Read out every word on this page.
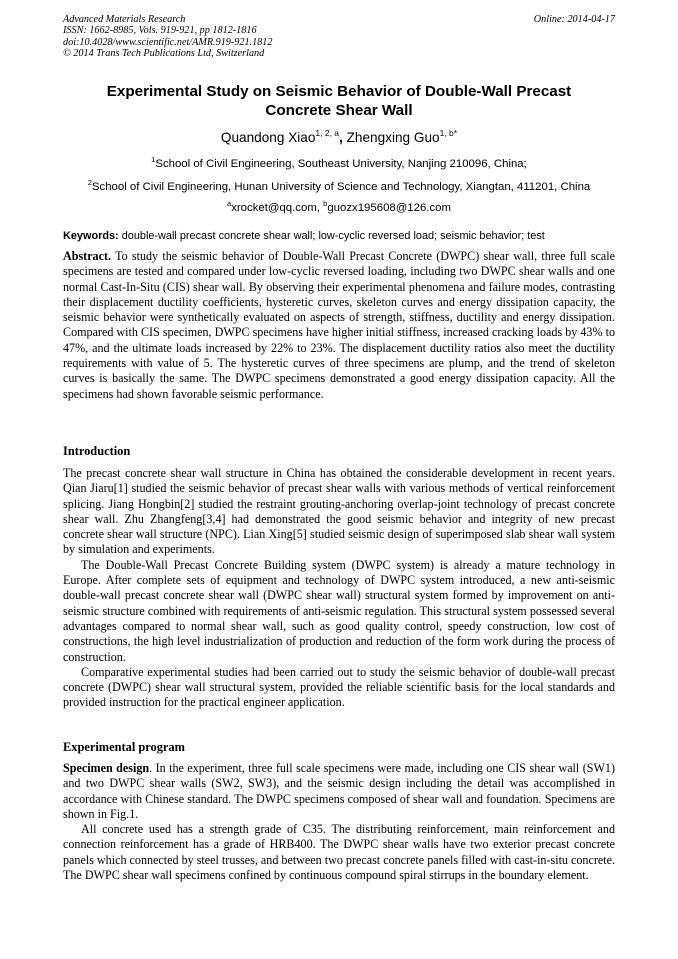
Advanced Materials Research
ISSN: 1662-8985, Vols. 919-921, pp 1812-1816
doi:10.4028/www.scientific.net/AMR.919-921.1812
© 2014 Trans Tech Publications Ltd, Switzerland
Online: 2014-04-17
Experimental Study on Seismic Behavior of Double-Wall Precast
Concrete Shear Wall
Quandong Xiao$^{1, 2, a}$, Zhengxing Guo$^{1, b*}$
$^1$School of Civil Engineering, Southeast University, Nanjing 210096, China;
$^2$School of Civil Engineering, Hunan University of Science and Technology, Xiangtan, 411201, China
$^a$xrocket@qq.com, $^b$guozx195608@126.com
Keywords: double-wall precast concrete shear wall; low-cyclic reversed load; seismic behavior; test

Abstract. To study the seismic behavior of Double-Wall Precast Concrete (DWPC) shear wall, three full scale specimens are tested and compared under low-cyclic reversed loading, including two DWPC shear walls and one normal Cast-In-Situ (CIS) shear wall. By observing their experimental phenomena and failure modes, contrasting their displacement ductility coefficients, hysteretic curves, skeleton curves and energy dissipation capacity, the seismic behavior were synthetically evaluated on aspects of strength, stiffness, ductility and energy dissipation. Compared with CIS specimen, DWPC specimens have higher initial stiffness, increased cracking loads by 43% to 47%, and the ultimate loads increased by 22% to 23%. The displacement ductility ratios also meet the ductility requirements with value of 5. The hysteretic curves of three specimens are plump, and the trend of skeleton curves is basically the same. The DWPC specimens demonstrated a good energy dissipation capacity. All the specimens had shown favorable seismic performance.

Introduction

The precast concrete shear wall structure in China has obtained the considerable development in recent years. Qian Jiaru[1] studied the seismic behavior of precast shear walls with various methods of vertical reinforcement splicing. Jiang Hongbin[2] studied the restraint grouting-anchoring overlap-joint technology of precast concrete shear wall. Zhu Zhangfeng[3,4] had demonstrated the good seismic behavior and integrity of new precast concrete shear wall structure (NPC). Lian Xing[5] studied seismic design of superimposed slab shear wall system by simulation and experiments.

The Double-Wall Precast Concrete Building system (DWPC system) is already a mature technology in Europe. After complete sets of equipment and technology of DWPC system introduced, a new anti-seismic double-wall precast concrete shear wall (DWPC shear wall) structural system formed by improvement on anti-seismic structure combined with requirements of anti-seismic regulation. This structural system possessed several advantages compared to normal shear wall, such as good quality control, speedy construction, low cost of constructions, the high level industrialization of production and reduction of the form work during the process of construction.

Comparative experimental studies had been carried out to study the seismic behavior of double-wall precast concrete (DWPC) shear wall structural system, provided the reliable scientific basis for the local standards and provided instruction for the practical engineer application.

Experimental program

Specimen design. In the experiment, three full scale specimens were made, including one CIS shear wall (SW1) and two DWPC shear walls (SW2, SW3), and the seismic design including the detail was accomplished in accordance with Chinese standard. The DWPC specimens composed of shear wall and foundation. Specimens are shown in Fig.1.

All concrete used has a strength grade of C35. The distributing reinforcement, main reinforcement and connection reinforcement has a grade of HRB400. The DWPC shear walls have two exterior precast concrete panels which connected by steel trusses, and between two precast concrete panels filled with cast-in-situ concrete. The DWPC shear wall specimens confined by continuous compound spiral stirrups in the boundary element.
